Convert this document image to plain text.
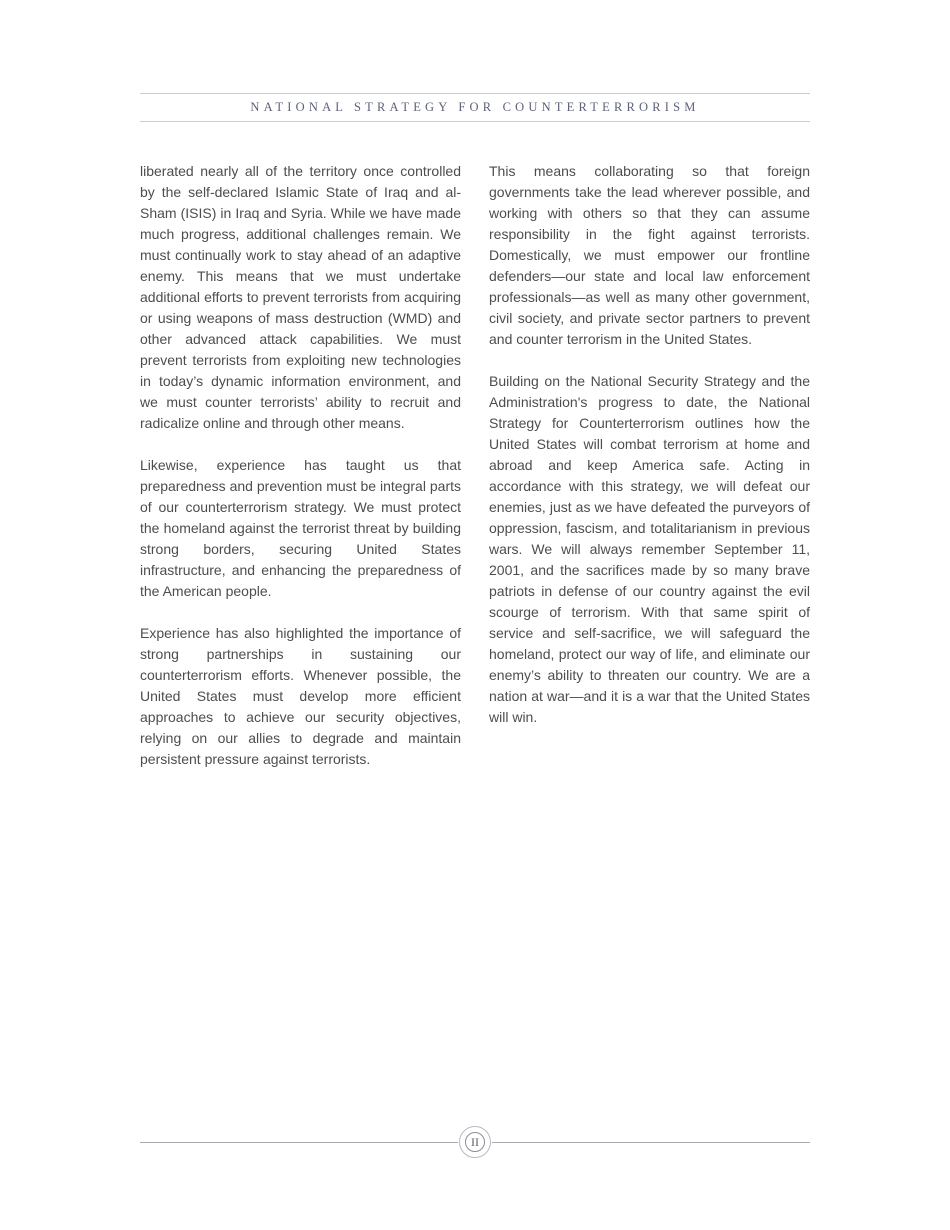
NATIONAL STRATEGY FOR COUNTERTERRORISM

liberated nearly all of the territory once controlled by the self-declared Islamic State of Iraq and al-Sham (ISIS) in Iraq and Syria. While we have made much progress, additional challenges remain. We must continually work to stay ahead of an adaptive enemy. This means that we must undertake additional efforts to prevent terrorists from acquiring or using weapons of mass destruction (WMD) and other advanced attack capabilities. We must prevent terrorists from exploiting new technologies in today’s dynamic information environment, and we must counter terrorists’ ability to recruit and radicalize online and through other means.

Likewise, experience has taught us that preparedness and prevention must be integral parts of our counterterrorism strategy. We must protect the homeland against the terrorist threat by building strong borders, securing United States infrastructure, and enhancing the preparedness of the American people.

Experience has also highlighted the importance of strong partnerships in sustaining our counterterrorism efforts. Whenever possible, the United States must develop more efficient approaches to achieve our security objectives, relying on our allies to degrade and maintain persistent pressure against terrorists.

This means collaborating so that foreign governments take the lead wherever possible, and working with others so that they can assume responsibility in the fight against terrorists. Domestically, we must empower our frontline defenders—our state and local law enforcement professionals—as well as many other government, civil society, and private sector partners to prevent and counter terrorism in the United States.

Building on the National Security Strategy and the Administration's progress to date, the National Strategy for Counterterrorism outlines how the United States will combat terrorism at home and abroad and keep America safe. Acting in accordance with this strategy, we will defeat our enemies, just as we have defeated the purveyors of oppression, fascism, and totalitarianism in previous wars. We will always remember September 11, 2001, and the sacrifices made by so many brave patriots in defense of our country against the evil scourge of terrorism. With that same spirit of service and self-sacrifice, we will safeguard the homeland, protect our way of life, and eliminate our enemy’s ability to threaten our country. We are a nation at war—and it is a war that the United States will win.

II
